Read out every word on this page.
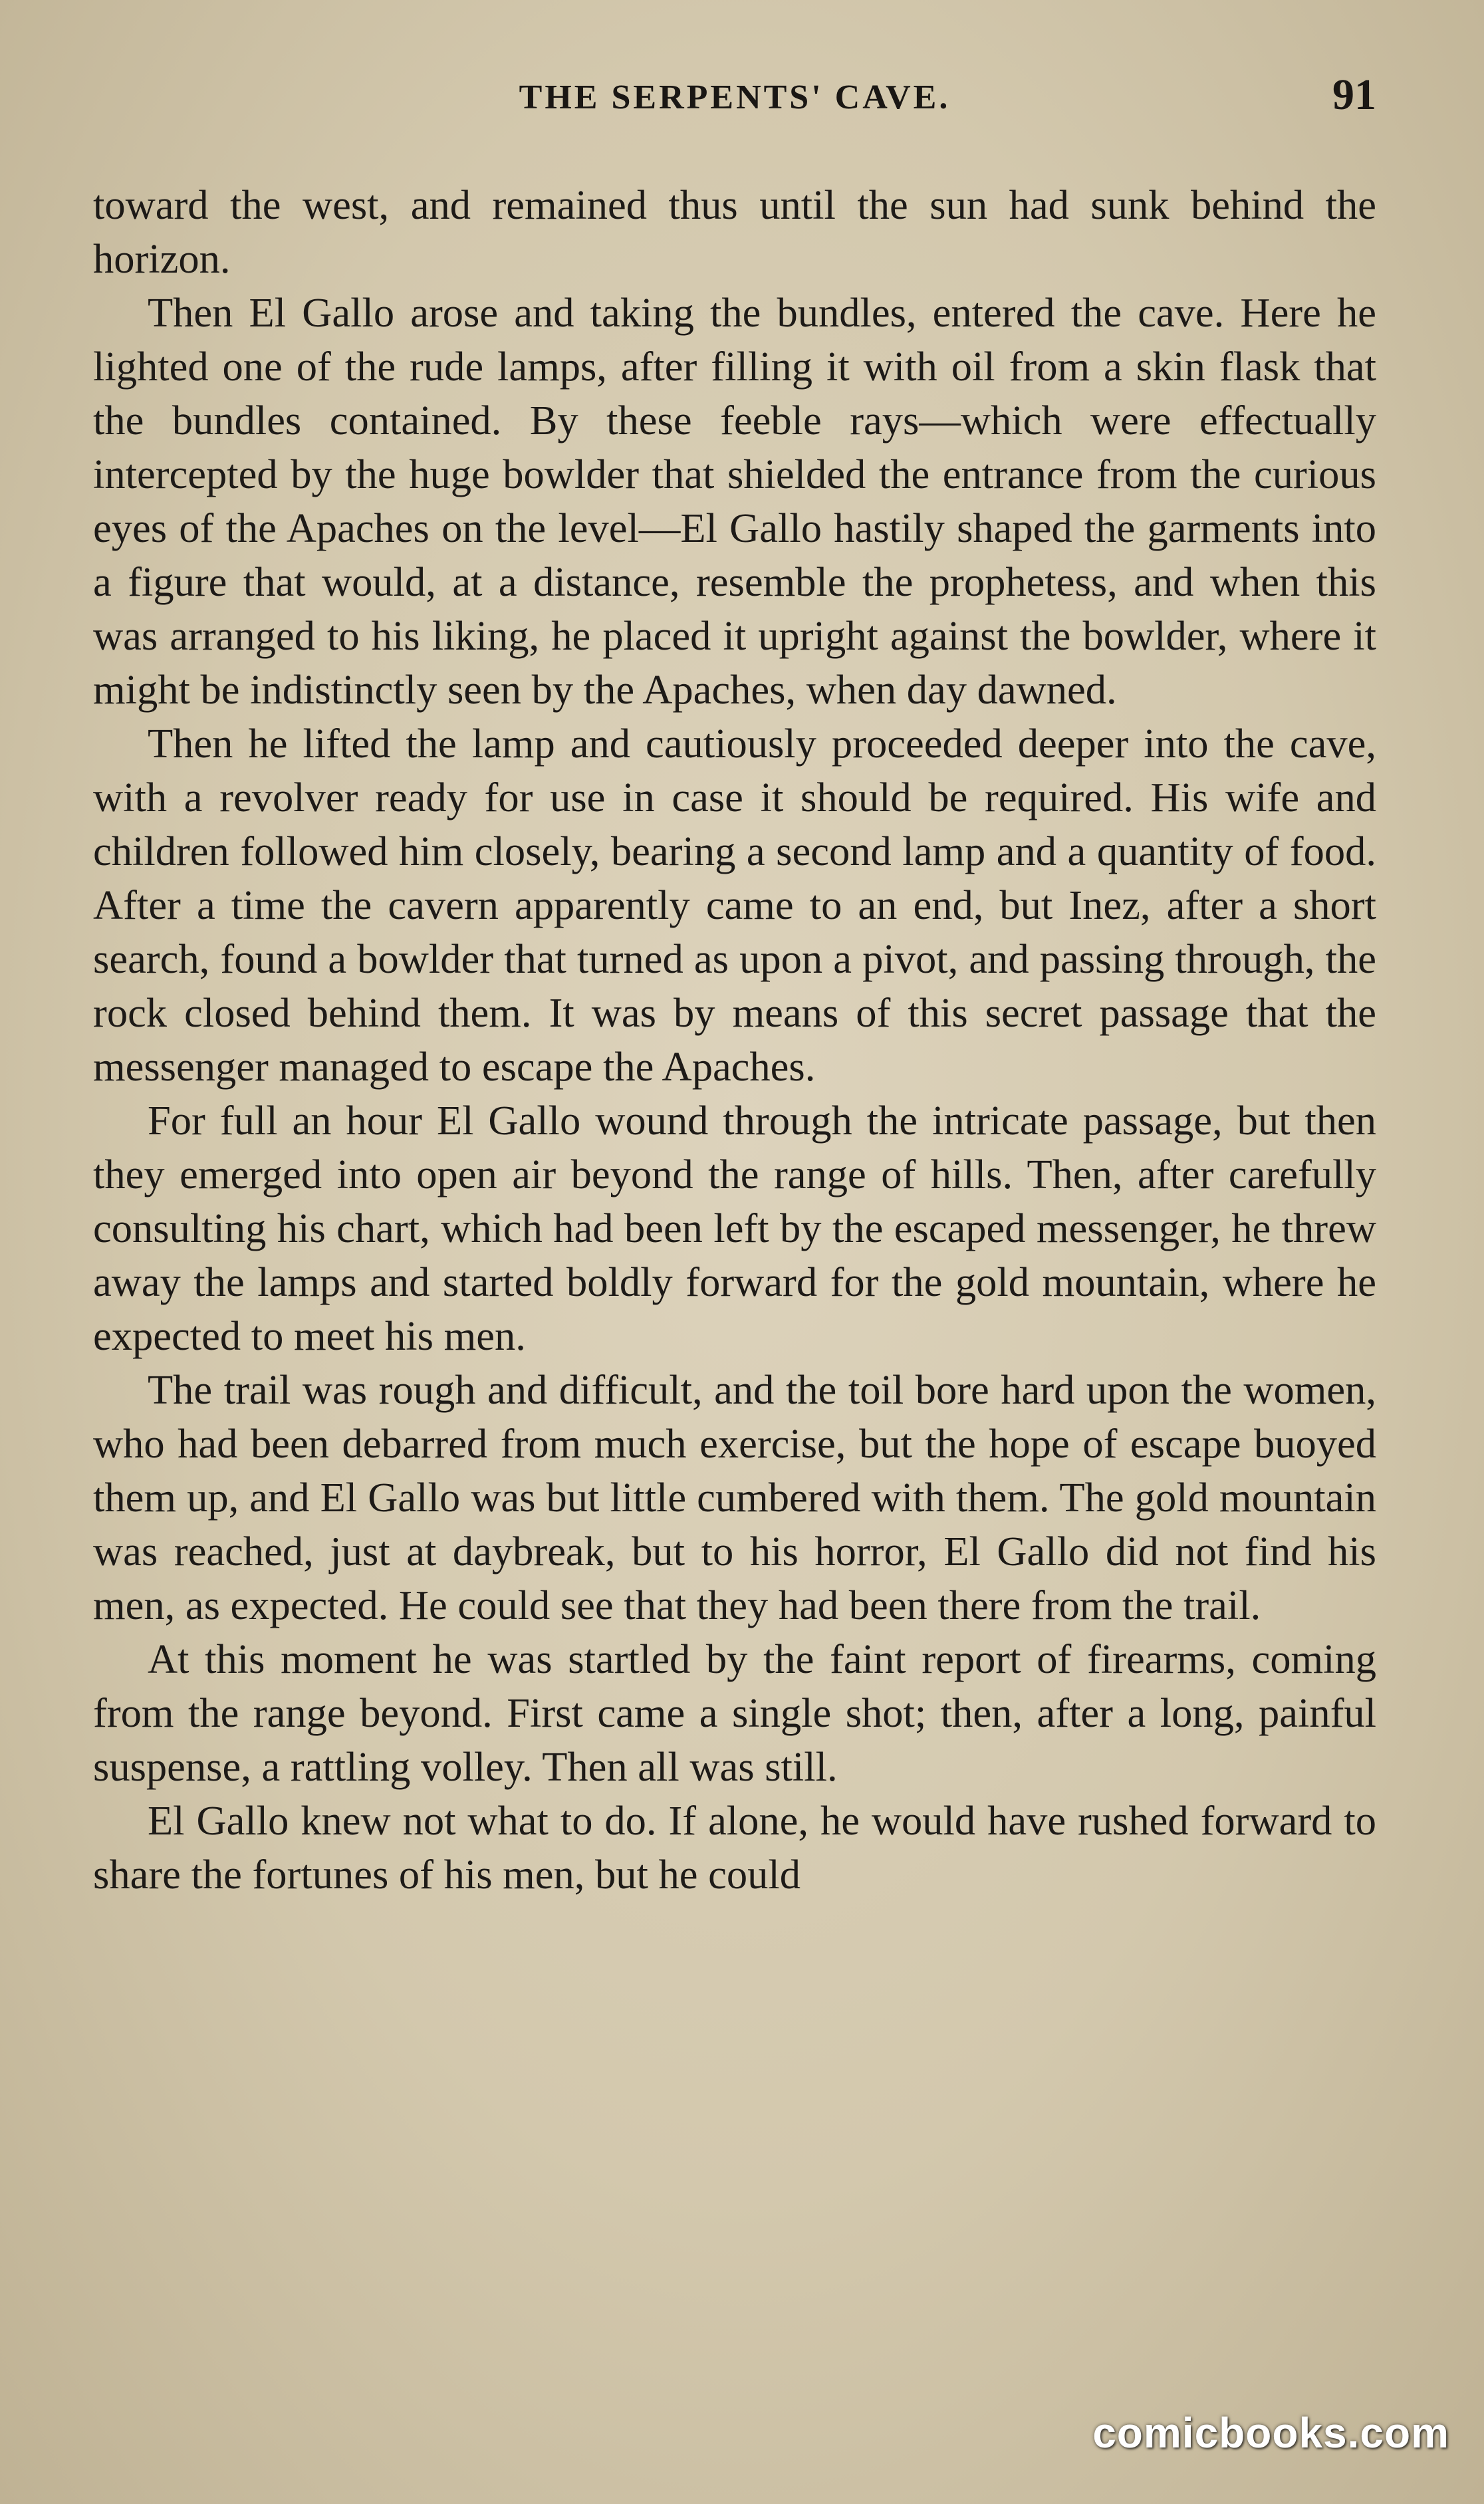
THE SERPENTS' CAVE.	91

toward the west, and remained thus until the sun had sunk behind the horizon.

Then El Gallo arose and taking the bundles, entered the cave. Here he lighted one of the rude lamps, after filling it with oil from a skin flask that the bundles contained. By these feeble rays—which were effectually intercepted by the huge bowlder that shielded the entrance from the curious eyes of the Apaches on the level—El Gallo hastily shaped the garments into a figure that would, at a distance, resemble the prophetess, and when this was arranged to his liking, he placed it upright against the bowlder, where it might be indistinctly seen by the Apaches, when day dawned.

Then he lifted the lamp and cautiously proceeded deeper into the cave, with a revolver ready for use in case it should be required. His wife and children followed him closely, bearing a second lamp and a quantity of food. After a time the cavern apparently came to an end, but Inez, after a short search, found a bowlder that turned as upon a pivot, and passing through, the rock closed behind them. It was by means of this secret passage that the messenger managed to escape the Apaches.

For full an hour El Gallo wound through the intricate passage, but then they emerged into open air beyond the range of hills. Then, after carefully consulting his chart, which had been left by the escaped messenger, he threw away the lamps and started boldly forward for the gold mountain, where he expected to meet his men.

The trail was rough and difficult, and the toil bore hard upon the women, who had been debarred from much exercise, but the hope of escape buoyed them up, and El Gallo was but little cumbered with them. The gold mountain was reached, just at daybreak, but to his horror, El Gallo did not find his men, as expected. He could see that they had been there from the trail.

At this moment he was startled by the faint report of firearms, coming from the range beyond. First came a single shot; then, after a long, painful suspense, a rattling volley. Then all was still.

El Gallo knew not what to do. If alone, he would have rushed forward to share the fortunes of his men, but he could

comicbooks.com
